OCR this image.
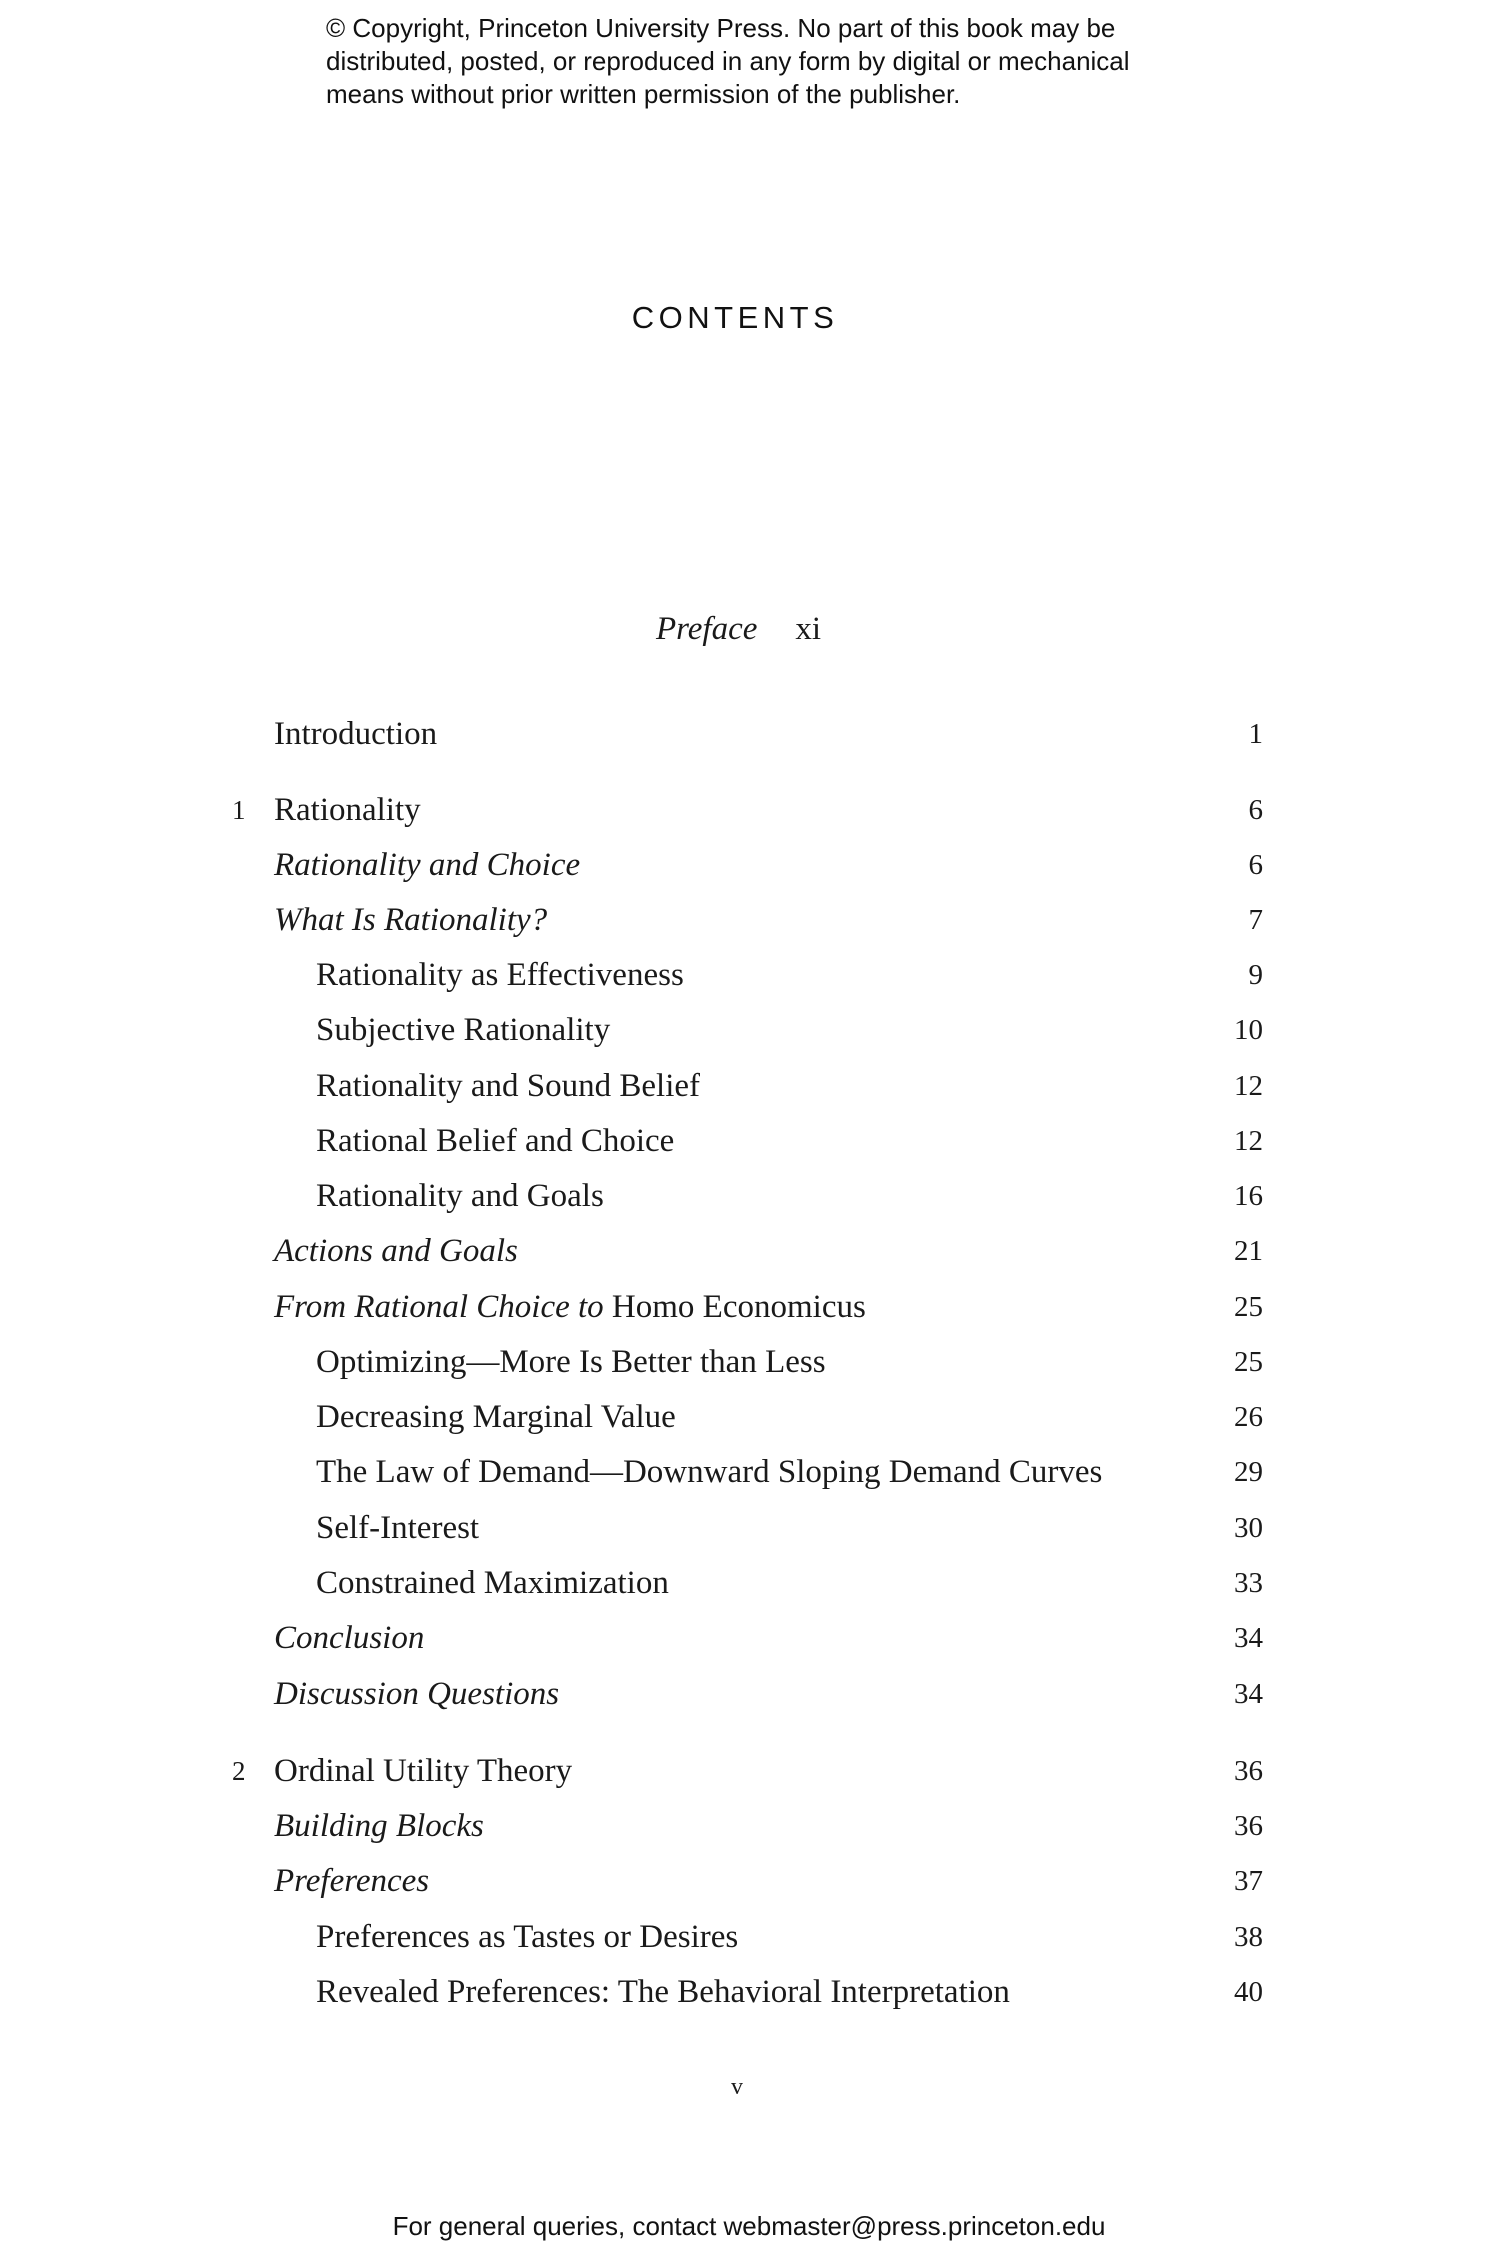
© Copyright, Princeton University Press. No part of this book may be
distributed, posted, or reproduced in any form by digital or mechanical
means without prior written permission of the publisher.
CONTENTS
Preface xi
Introduction	1
1 Rationality	6
Rationality and Choice	6
What Is Rationality?	7
Rationality as Effectiveness	9
Subjective Rationality	10
Rationality and Sound Belief	12
Rational Belief and Choice	12
Rationality and Goals	16
Actions and Goals	21
From Rational Choice to Homo Economicus	25
Optimizing—More Is Better than Less	25
Decreasing Marginal Value	26
The Law of Demand—Downward Sloping Demand Curves	29
Self-Interest	30
Constrained Maximization	33
Conclusion	34
Discussion Questions	34
2 Ordinal Utility Theory	36
Building Blocks	36
Preferences	37
Preferences as Tastes or Desires	38
Revealed Preferences: The Behavioral Interpretation	40
v
For general queries, contact webmaster@press.princeton.edu
